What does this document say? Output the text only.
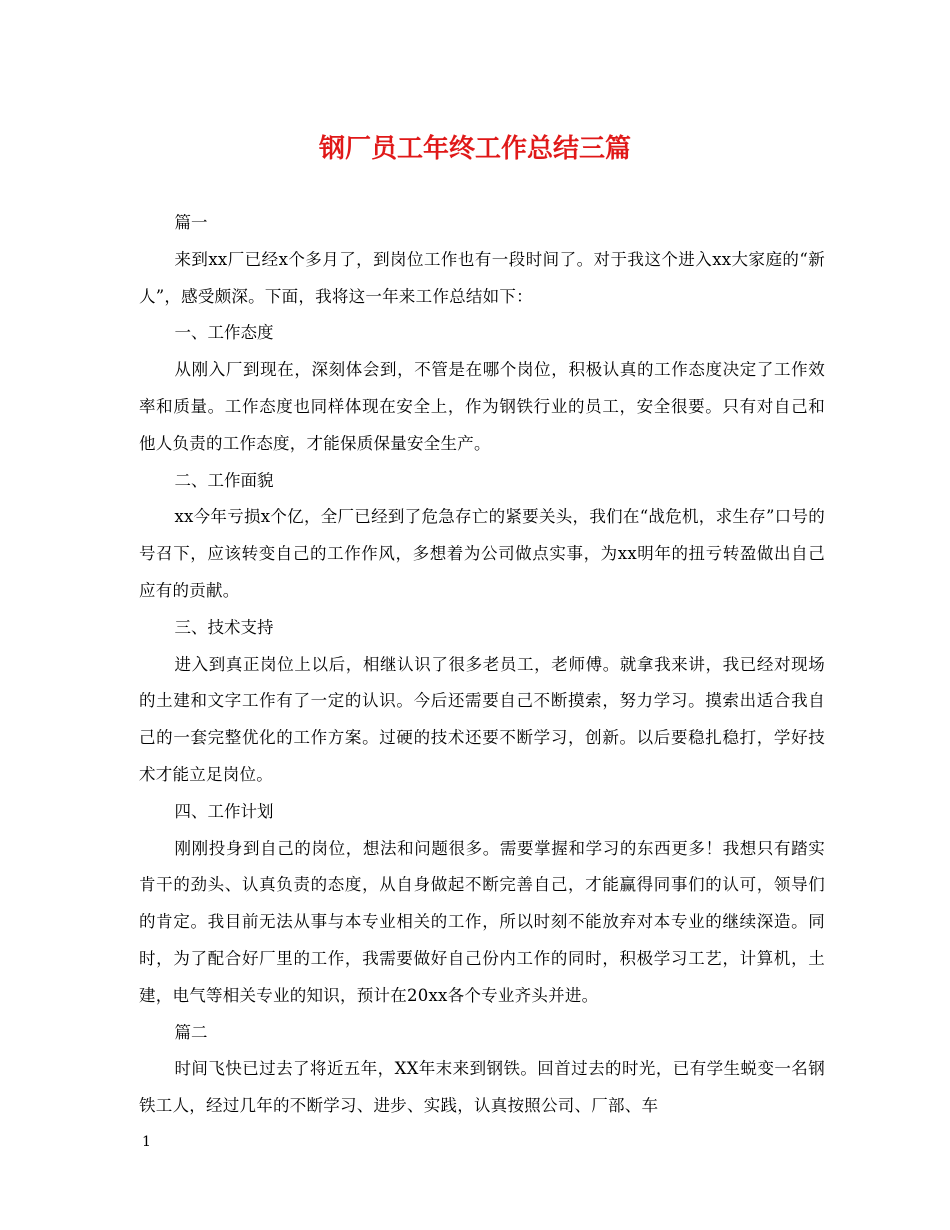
钢厂员工年终工作总结三篇

篇一

来到xx厂已经x个多月了，到岗位工作也有一段时间了。对于我这个进入xx大家庭的“新人”，感受颇深。下面，我将这一年来工作总结如下：

一、工作态度

从刚入厂到现在，深刻体会到，不管是在哪个岗位，积极认真的工作态度决定了工作效率和质量。工作态度也同样体现在安全上，作为钢铁行业的员工，安全很要。只有对自己和他人负责的工作态度，才能保质保量安全生产。

二、工作面貌

xx今年亏损x个亿，全厂已经到了危急存亡的紧要关头，我们在“战危机，求生存”口号的号召下，应该转变自己的工作作风，多想着为公司做点实事，为xx明年的扭亏转盈做出自己应有的贡献。

三、技术支持

进入到真正岗位上以后，相继认识了很多老员工，老师傅。就拿我来讲，我已经对现场的土建和文字工作有了一定的认识。今后还需要自己不断摸索，努力学习。摸索出适合我自己的一套完整优化的工作方案。过硬的技术还要不断学习，创新。以后要稳扎稳打，学好技术才能立足岗位。

四、工作计划

刚刚投身到自己的岗位，想法和问题很多。需要掌握和学习的东西更多！我想只有踏实肯干的劲头、认真负责的态度，从自身做起不断完善自己，才能赢得同事们的认可，领导们的肯定。我目前无法从事与本专业相关的工作，所以时刻不能放弃对本专业的继续深造。同时，为了配合好厂里的工作，我需要做好自己份内工作的同时，积极学习工艺，计算机，土建，电气等相关专业的知识，预计在20xx各个专业齐头并进。

篇二

时间飞快已过去了将近五年，XX年末来到钢铁。回首过去的时光，已有学生蜕变一名钢铁工人，经过几年的不断学习、进步、实践，认真按照公司、厂部、车

1
